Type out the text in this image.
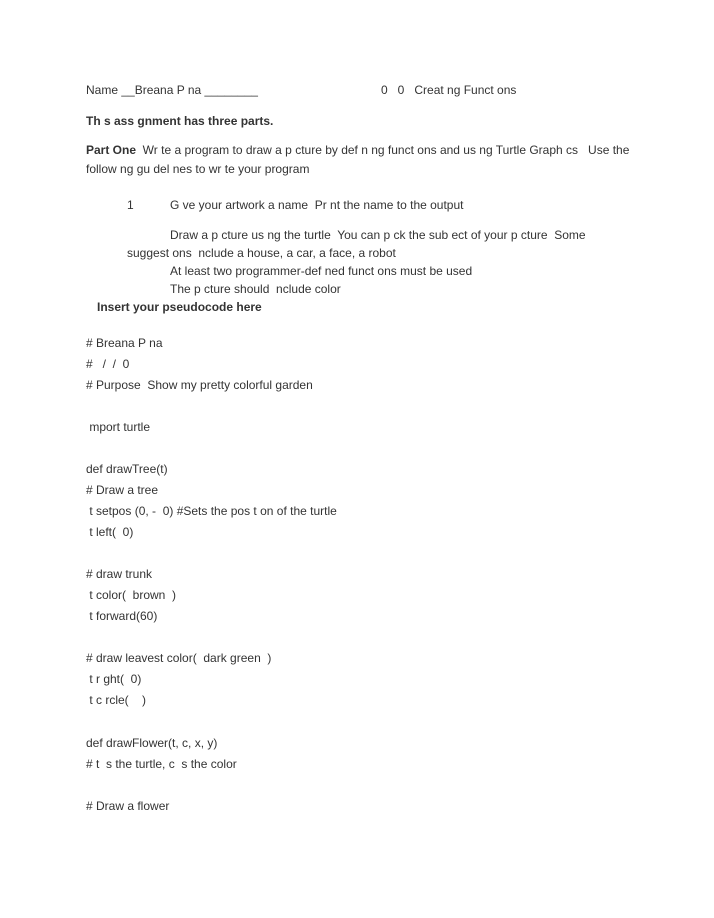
Name __Breana P na ________	0   0   Creat ng Funct ons
Th s ass gnment has three parts.
Part One  Wr te a program to draw a p cture by def n ng funct ons and us ng Turtle Graph cs   Use the
follow ng gu del nes to wr te your program
1	G ve your artwork a name  Pr nt the name to the output
Draw a p cture us ng the turtle  You can p ck the sub ect of your p cture  Some
suggest ons  nclude a house, a car, a face, a robot
At least two programmer-def ned funct ons must be used
The p cture should  nclude color
Insert your pseudocode here
# Breana P na
#   /  /  0
# Purpose  Show my pretty colorful garden
mport turtle
def drawTree(t)
# Draw a tree
t setpos (0, -  0) #Sets the pos t on of the turtle
t left(  0)
# draw trunk
t color(  brown  )
t forward(60)
# draw leavest color(  dark green  )
t r ght(  0)
t c rcle(    )
def drawFlower(t, c, x, y)
# t  s the turtle, c  s the color
# Draw a flower
